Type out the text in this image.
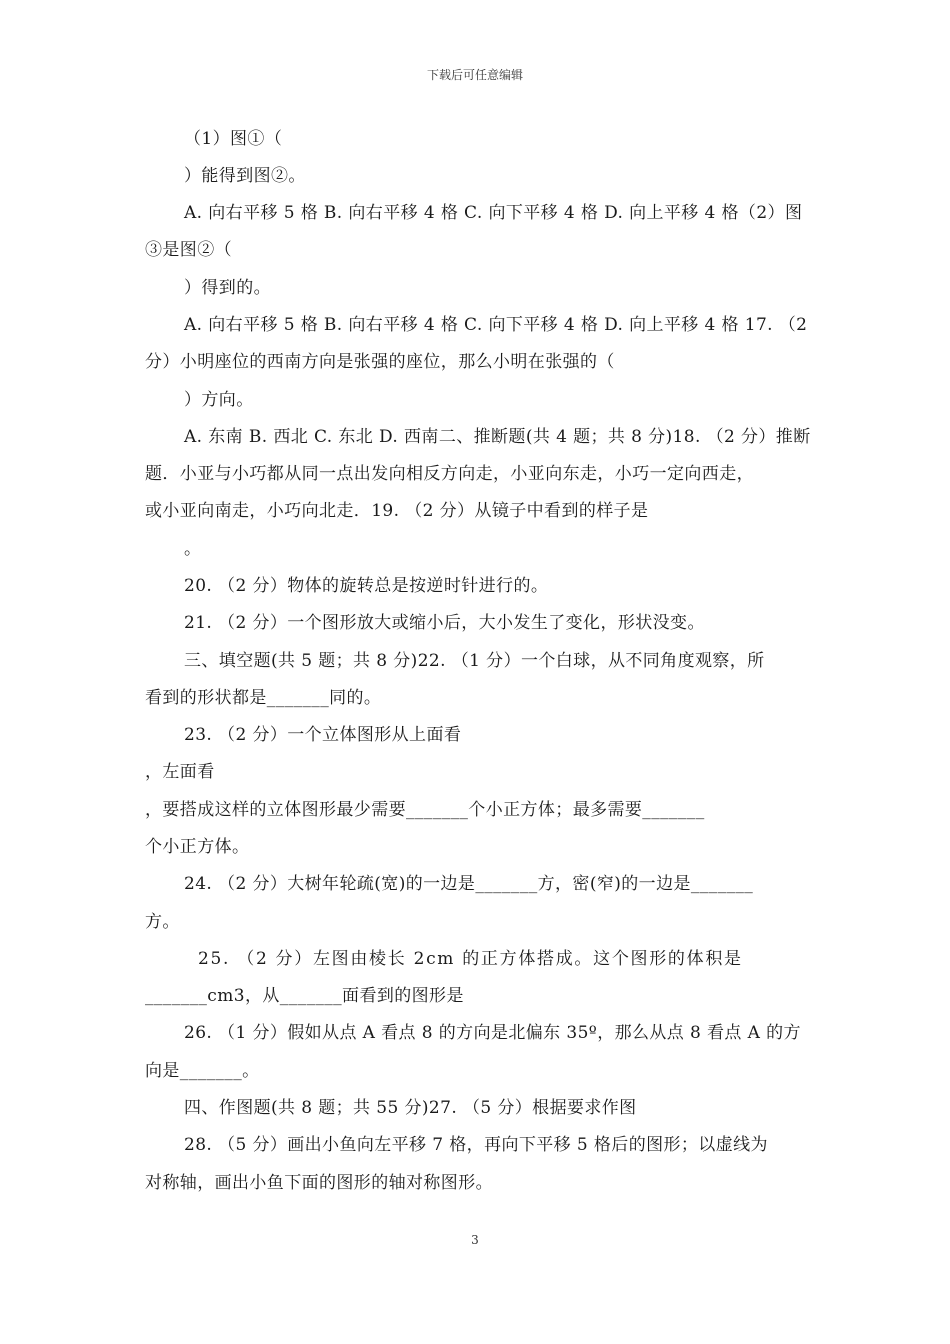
下载后可任意编辑
（1）图①（
）能得到图②。
A. 向右平移 5 格 B. 向右平移 4 格 C. 向下平移 4 格 D. 向上平移 4 格（2）图
③是图②（
）得到的。
A. 向右平移 5 格 B. 向右平移 4 格 C. 向下平移 4 格 D. 向上平移 4 格 17. （2
分）小明座位的西南方向是张强的座位，那么小明在张强的（
）方向。
A. 东南 B. 西北 C. 东北 D. 西南二、推断题(共 4 题；共 8 分)18. （2 分）推断
题．小亚与小巧都从同一点出发向相反方向走，小亚向东走，小巧一定向西走，
或小亚向南走，小巧向北走．19. （2 分）从镜子中看到的样子是
。
20. （2 分）物体的旋转总是按逆时针进行的。
21. （2 分）一个图形放大或缩小后，大小发生了变化，形状没变。
三、填空题(共 5 题；共 8 分)22. （1 分）一个白球，从不同角度观察，所
看到的形状都是_______同的。
23. （2 分）一个立体图形从上面看
，左面看
，要搭成这样的立体图形最少需要_______个小正方体；最多需要_______
个小正方体。
24. （2 分）大树年轮疏(宽)的一边是_______方，密(窄)的一边是_______
方。
25. （2 分）左图由棱长 2cm 的正方体搭成。这个图形的体积是
_______cm3，从_______面看到的图形是
26. （1 分）假如从点 A 看点 8 的方向是北偏东 35º，那么从点 8 看点 A 的方
向是_______。
四、作图题(共 8 题；共 55 分)27. （5 分）根据要求作图
28. （5 分）画出小鱼向左平移 7 格，再向下平移 5 格后的图形；以虚线为
对称轴，画出小鱼下面的图形的轴对称图形。
3
